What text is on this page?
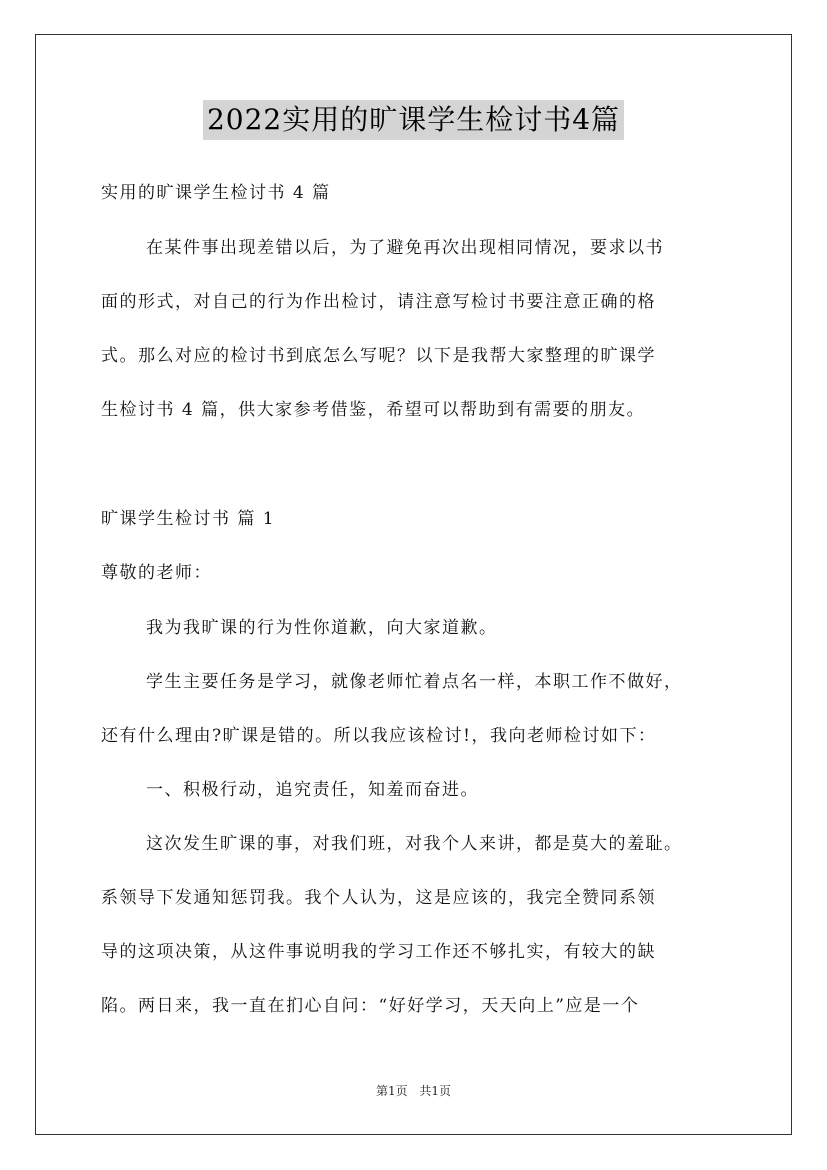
2022实用的旷课学生检讨书4篇
实用的旷课学生检讨书 4 篇
在某件事出现差错以后，为了避免再次出现相同情况，要求以书
面的形式，对自己的行为作出检讨，请注意写检讨书要注意正确的格
式。那么对应的检讨书到底怎么写呢？以下是我帮大家整理的旷课学
生检讨书 4 篇，供大家参考借鉴，希望可以帮助到有需要的朋友。
旷课学生检讨书 篇 1
尊敬的老师：
我为我旷课的行为性你道歉，向大家道歉。
学生主要任务是学习，就像老师忙着点名一样，本职工作不做好，
还有什么理由?旷课是错的。所以我应该检讨!，我向老师检讨如下：
一、积极行动，追究责任，知羞而奋进。
这次发生旷课的事，对我们班，对我个人来讲，都是莫大的羞耻。
系领导下发通知惩罚我。我个人认为，这是应该的，我完全赞同系领
导的这项决策，从这件事说明我的学习工作还不够扎实，有较大的缺
陷。两日来，我一直在扪心自问：“好好学习，天天向上”应是一个
第1页 共1页
